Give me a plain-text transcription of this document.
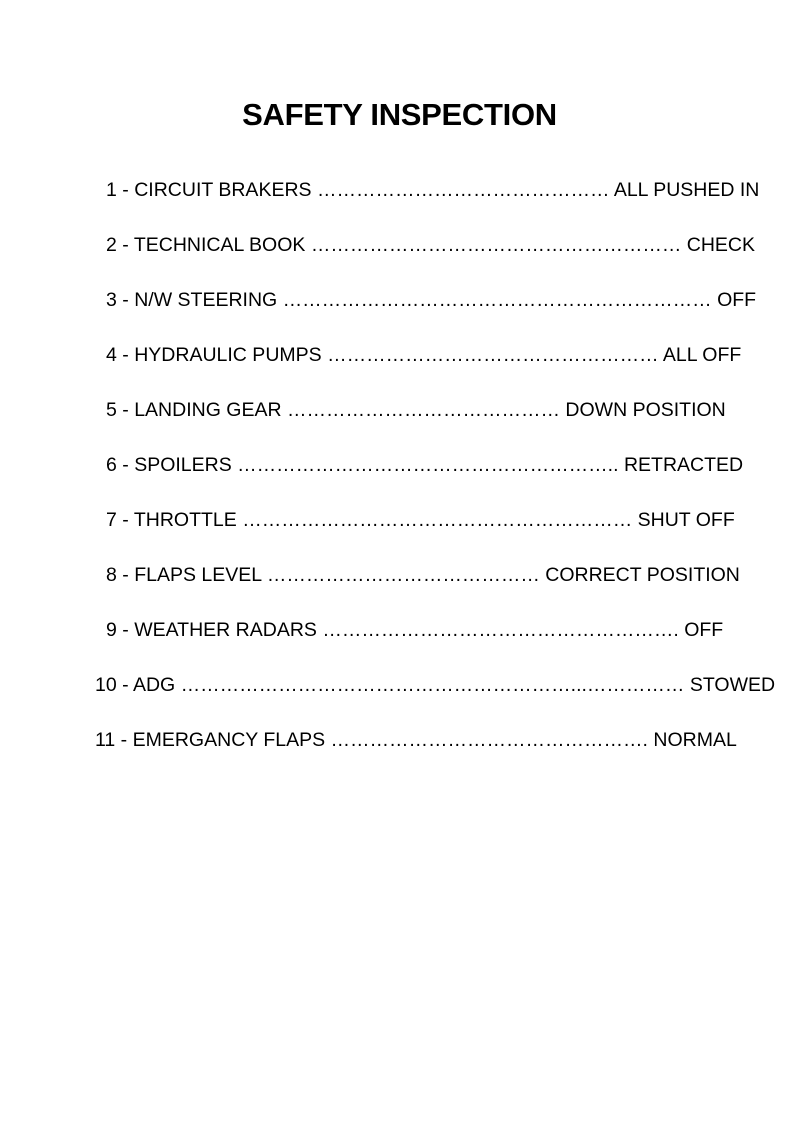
SAFETY INSPECTION
1 - CIRCUIT BRAKERS ……………………………………… ALL PUSHED IN
2 - TECHNICAL BOOK ………………………………………………… CHECK
3 - N/W STEERING ………………………………………………………… OFF
4 - HYDRAULIC PUMPS …………………………………………… ALL OFF
5 - LANDING GEAR …………………………………… DOWN POSITION
6 - SPOILERS ………………………………………………….. RETRACTED
7 - THROTTLE …………………………………………………… SHUT OFF
8 - FLAPS LEVEL …………………………………… CORRECT POSITION
9 - WEATHER RADARS ………………………………………………. OFF
10 - ADG ……………………………………………………...…………… STOWED
11 - EMERGANCY FLAPS …………………………………………. NORMAL
